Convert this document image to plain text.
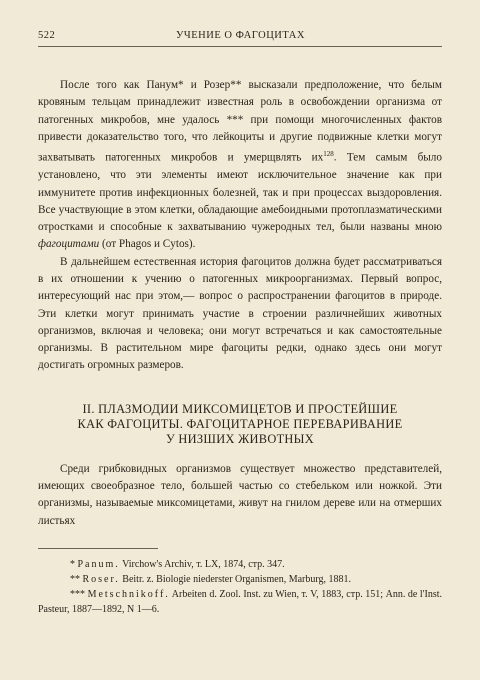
522	УЧЕНИЕ О ФАГОЦИТАХ

После того как Панум* и Розер** высказали предположение, что белым кровяным тельцам принадлежит известная роль в освобождении организма от патогенных микробов, мне удалось *** при помощи многочисленных фактов привести доказательство того, что лейкоциты и другие подвижные клетки могут захватывать патогенных микробов и умерщвлять $их^{128}$. Тем самым было установлено, что эти элементы имеют исключительное значение как при иммунитете против инфекционных болезней, так и при процессах выздоровления. Все участвующие в этом клетки, обладающие амебоидными протоплазматическими отростками и способные к захватыванию чужеродных тел, были названы мною фагоцитами (от Phagos и Cytos).

В дальнейшем естественная история фагоцитов должна будет рассматриваться в их отношении к учению о патогенных микроорганизмах. Первый вопрос, интересующий нас при этом,— вопрос о распространении фагоцитов в природе. Эти клетки могут принимать участие в строении различнейших животных организмов, включая и человека; они могут встречаться и как самостоятельные организмы. В растительном мире фагоциты редки, однако здесь они могут достигать огромных размеров.

II. ПЛАЗМОДИИ МИКСОМИЦЕТОВ И ПРОСТЕЙШИЕ
КАК ФАГОЦИТЫ. ФАГОЦИТАРНОЕ ПЕРЕВАРИВАНИЕ
У НИЗШИХ ЖИВОТНЫХ

Среди грибковидных организмов существует множество представителей, имеющих своеобразное тело, большей частью со стебельком или ножкой. Эти организмы, называемые миксомицетами, живут на гнилом дереве или на отмерших листьях

* Panum. Virchow's Archiv, т. LX, 1874, стр. 347.

** Roser. Beitr. z. Biologie niederster Organismen, Marburg, 1881.

*** Metschnikoff. Arbeiten d. Zool. Inst. zu Wien, т. V, 1883, стр. 151; Ann. de l'Inst. Pasteur, 1887—1892, N 1—6.
